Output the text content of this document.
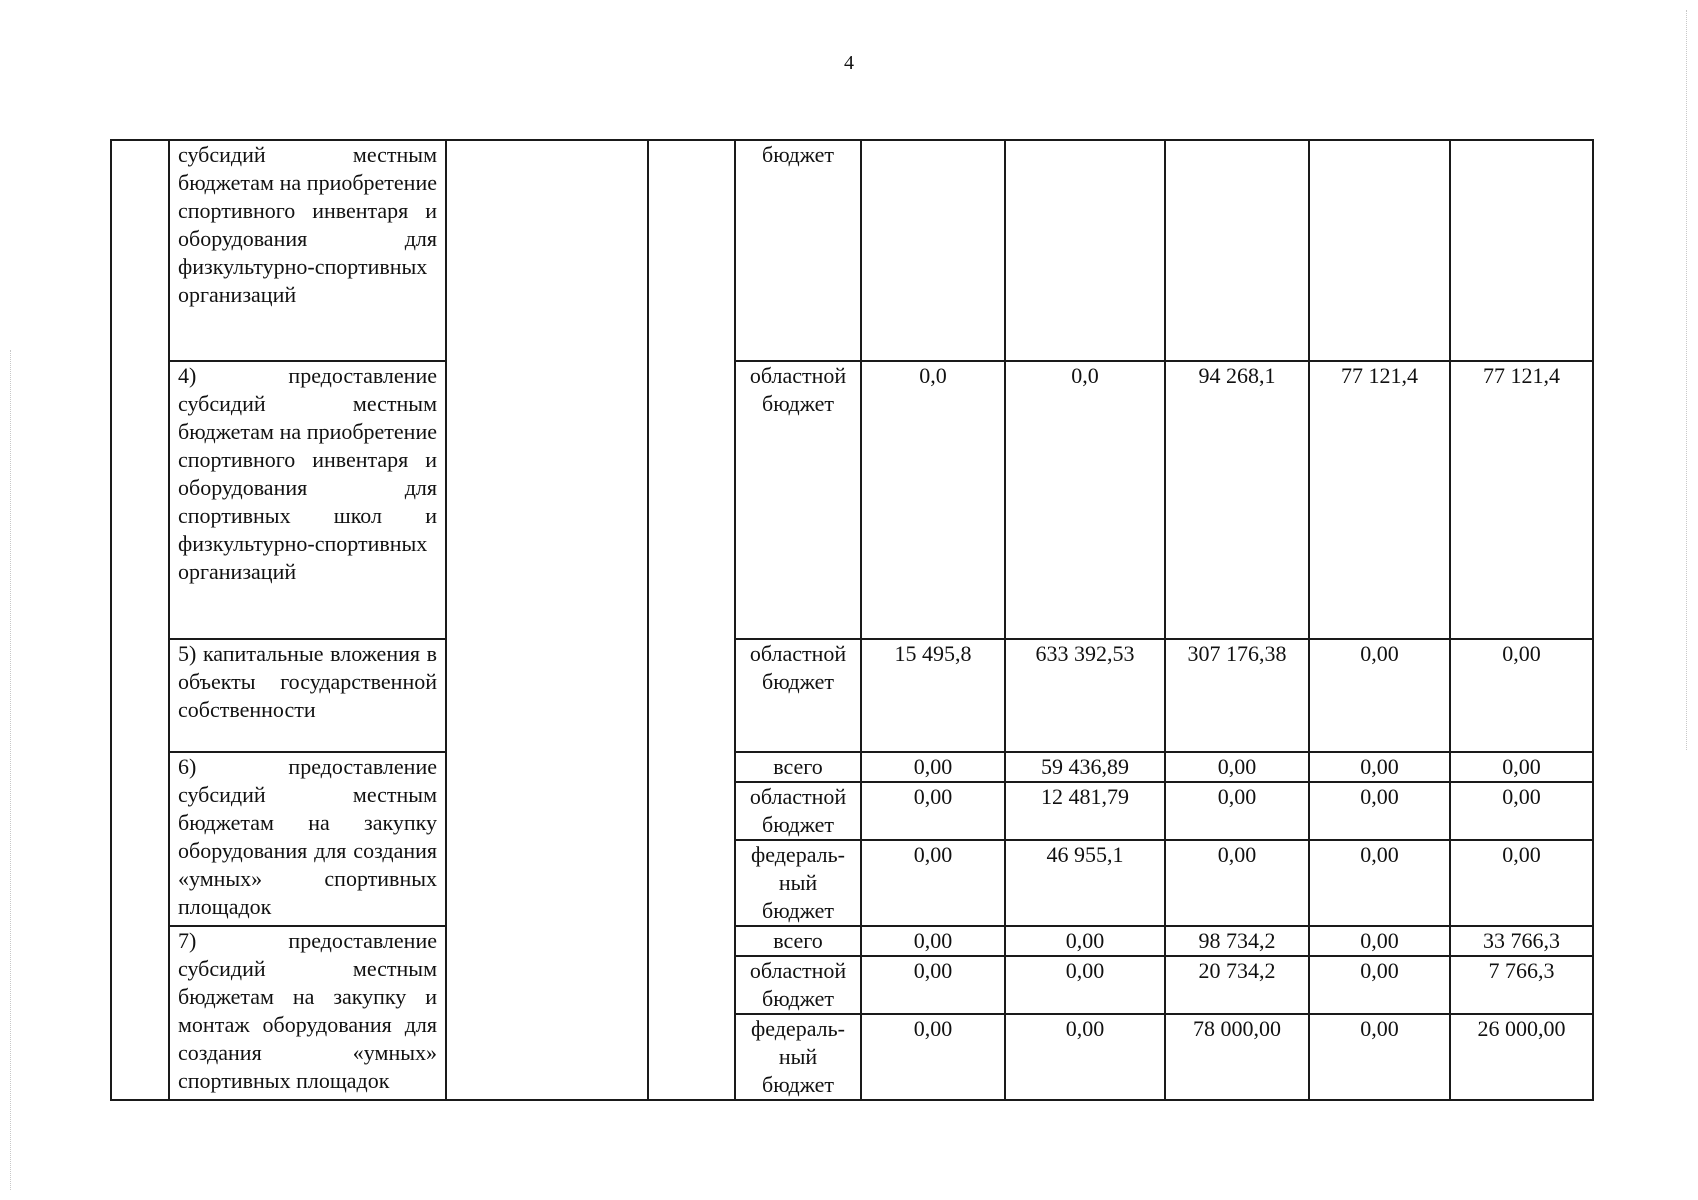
4
	субсидий местным бюджетам на приобретение спортивного инвентаря и оборудования для физкультурно-спортивных организаций			бюджет					
	4) предоставление субсидий местным бюджетам на приобретение спортивного инвентаря и оборудования для спортивных школ и физкультурно-спортивных организаций			областной бюджет	0,0	0,0	94 268,1	77 121,4	77 121,4
	5) капитальные вложения в объекты государственной собственности			областной бюджет	15 495,8	633 392,53	307 176,38	0,00	0,00
	6) предоставление субсидий местным бюджетам на закупку оборудования для создания «умных» спортивных площадок			всего	0,00	59 436,89	0,00	0,00	0,00
				областной бюджет	0,00	12 481,79	0,00	0,00	0,00
				федераль-ный бюджет	0,00	46 955,1	0,00	0,00	0,00
	7) предоставление субсидий местным бюджетам на закупку и монтаж оборудования для создания «умных» спортивных площадок			всего	0,00	0,00	98 734,2	0,00	33 766,3
				областной бюджет	0,00	0,00	20 734,2	0,00	7 766,3
				федераль-ный бюджет	0,00	0,00	78 000,00	0,00	26 000,00
